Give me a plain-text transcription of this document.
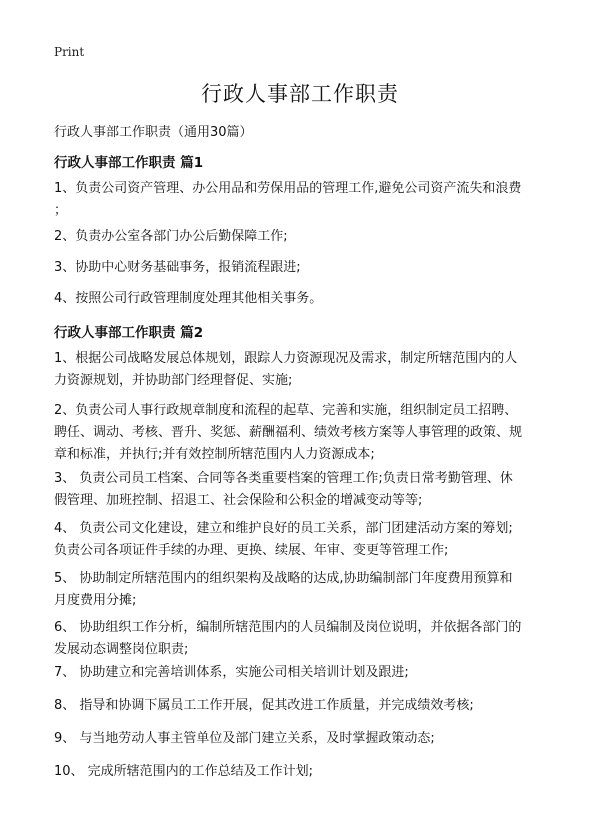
Print
行政人事部工作职责
行政人事部工作职责（通用30篇）
行政人事部工作职责 篇1
1、负责公司资产管理、办公用品和劳保用品的管理工作,避免公司资产流失和浪费
；
2、负责办公室各部门办公后勤保障工作;
3、协助中心财务基础事务，报销流程跟进;
4、按照公司行政管理制度处理其他相关事务。
行政人事部工作职责 篇2
1、根据公司战略发展总体规划，跟踪人力资源现况及需求，制定所辖范围内的人
力资源规划，并协助部门经理督促、实施;
2、负责公司人事行政规章制度和流程的起草、完善和实施，组织制定员工招聘、
聘任、调动、考核、晋升、奖惩、薪酬福利、绩效考核方案等人事管理的政策、规
章和标准，并执行;并有效控制所辖范围内人力资源成本;
3、 负责公司员工档案、合同等各类重要档案的管理工作;负责日常考勤管理、休
假管理、加班控制、招退工、社会保险和公积金的增减变动等等;
4、 负责公司文化建设，建立和维护良好的员工关系，部门团建活动方案的筹划;
负责公司各项证件手续的办理、更换、续展、年审、变更等管理工作;
5、 协助制定所辖范围内的组织架构及战略的达成,协助编制部门年度费用预算和
月度费用分摊;
6、 协助组织工作分析，编制所辖范围内的人员编制及岗位说明，并依据各部门的
发展动态调整岗位职责;
7、 协助建立和完善培训体系，实施公司相关培训计划及跟进;
8、 指导和协调下属员工工作开展，促其改进工作质量，并完成绩效考核;
9、 与当地劳动人事主管单位及部门建立关系，及时掌握政策动态;
10、 完成所辖范围内的工作总结及工作计划;
